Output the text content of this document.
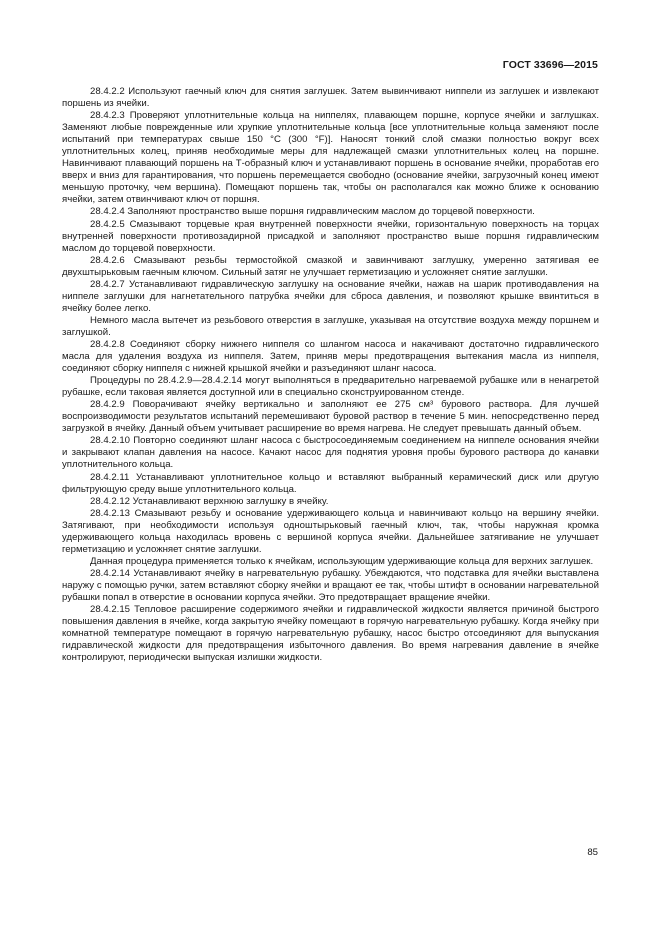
ГОСТ 33696—2015

28.4.2.2 Используют гаечный ключ для снятия заглушек. Затем вывинчивают ниппели из заглушек и извлекают поршень из ячейки.

28.4.2.3 Проверяют уплотнительные кольца на ниппелях, плавающем поршне, корпусе ячейки и заглушках. Заменяют любые поврежденные или хрупкие уплотнительные кольца [все уплотнительные кольца заменяют после испытаний при температурах свыше 150 °C (300 °F)]. Наносят тонкий слой смазки полностью вокруг всех уплотнительных колец, приняв необходимые меры для надлежащей смазки уплотнительных колец на поршне. Навинчивают плавающий поршень на Т-образный ключ и устанавливают поршень в основание ячейки, проработав его вверх и вниз для гарантирования, что поршень перемещается свободно (основание ячейки, загрузочный конец имеют меньшую проточку, чем вершина). Помещают поршень так, чтобы он располагался как можно ближе к основанию ячейки, затем отвинчивают ключ от поршня.

28.4.2.4 Заполняют пространство выше поршня гидравлическим маслом до торцевой поверхности.

28.4.2.5 Смазывают торцевые края внутренней поверхности ячейки, горизонтальную поверхность на торцах внутренней поверхности противозадирной присадкой и заполняют пространство выше поршня гидравлическим маслом до торцевой поверхности.

28.4.2.6 Смазывают резьбы термостойкой смазкой и завинчивают заглушку, умеренно затягивая ее двухштырьковым гаечным ключом. Сильный затяг не улучшает герметизацию и усложняет снятие заглушки.

28.4.2.7 Устанавливают гидравлическую заглушку на основание ячейки, нажав на шарик противодавления на ниппеле заглушки для нагнетательного патрубка ячейки для сброса давления, и позволяют крышке ввинтиться в ячейку более легко.

Немного масла вытечет из резьбового отверстия в заглушке, указывая на отсутствие воздуха между поршнем и заглушкой.

28.4.2.8 Соединяют сборку нижнего ниппеля со шлангом насоса и накачивают достаточно гидравлического масла для удаления воздуха из ниппеля. Затем, приняв меры предотвращения вытекания масла из ниппеля, соединяют сборку ниппеля с нижней крышкой ячейки и разъединяют шланг насоса.

Процедуры по 28.4.2.9—28.4.2.14 могут выполняться в предварительно нагреваемой рубашке или в ненагретой рубашке, если таковая является доступной или в специально сконструированном стенде.

28.4.2.9 Поворачивают ячейку вертикально и заполняют ее 275 см³ бурового раствора. Для лучшей воспроизводимости результатов испытаний перемешивают буровой раствор в течение 5 мин. непосредственно перед загрузкой в ячейку. Данный объем учитывает расширение во время нагрева. Не следует превышать данный объем.

28.4.2.10 Повторно соединяют шланг насоса с быстросоединяемым соединением на ниппеле основания ячейки и закрывают клапан давления на насосе. Качают насос для поднятия уровня пробы бурового раствора до канавки уплотнительного кольца.

28.4.2.11 Устанавливают уплотнительное кольцо и вставляют выбранный керамический диск или другую фильтрующую среду выше уплотнительного кольца.

28.4.2.12 Устанавливают верхнюю заглушку в ячейку.

28.4.2.13 Смазывают резьбу и основание удерживающего кольца и навинчивают кольцо на вершину ячейки. Затягивают, при необходимости используя одноштырьковый гаечный ключ, так, чтобы наружная кромка удерживающего кольца находилась вровень с вершиной корпуса ячейки. Дальнейшее затягивание не улучшает герметизацию и усложняет снятие заглушки.

Данная процедура применяется только к ячейкам, использующим удерживающие кольца для верхних заглушек.

28.4.2.14 Устанавливают ячейку в нагревательную рубашку. Убеждаются, что подставка для ячейки выставлена наружу с помощью ручки, затем вставляют сборку ячейки и вращают ее так, чтобы штифт в основании нагревательной рубашки попал в отверстие в основании корпуса ячейки. Это предотвращает вращение ячейки.

28.4.2.15 Тепловое расширение содержимого ячейки и гидравлической жидкости является причиной быстрого повышения давления в ячейке, когда закрытую ячейку помещают в горячую нагревательную рубашку. Когда ячейку при комнатной температуре помещают в горячую нагревательную рубашку, насос быстро отсоединяют для выпускания гидравлической жидкости для предотвращения избыточного давления. Во время нагревания давление в ячейке контролируют, периодически выпуская излишки жидкости.

85
